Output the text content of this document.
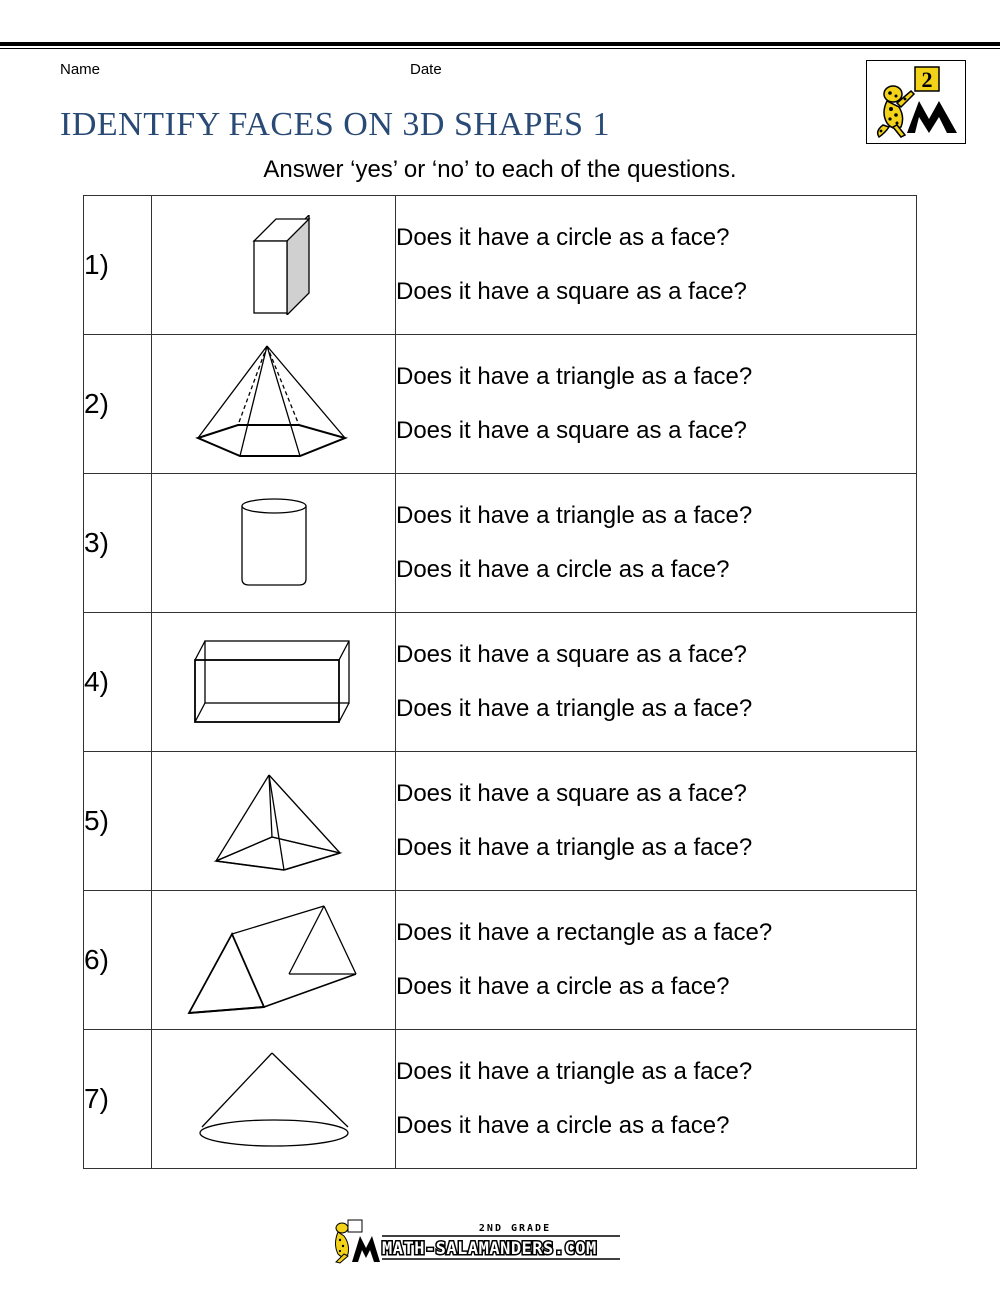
Name	Date
IDENTIFY FACES ON 3D SHAPES 1
Answer ‘yes’ or ‘no’ to each of the questions.
2
1)		Does it have a circle as a face?
Does it have a square as a face?

2)		Does it have a triangle as a face?
Does it have a square as a face?

3)		Does it have a triangle as a face?
Does it have a circle as a face?

4)		Does it have a square as a face?
Does it have a triangle as a face?

5)		Does it have a square as a face?
Does it have a triangle as a face?

6)		Does it have a rectangle as a face?
Does it have a circle as a face?

7)		Does it have a triangle as a face?
Does it have a circle as a face?
2ND GRADE
MATH-SALAMANDERS.COM
